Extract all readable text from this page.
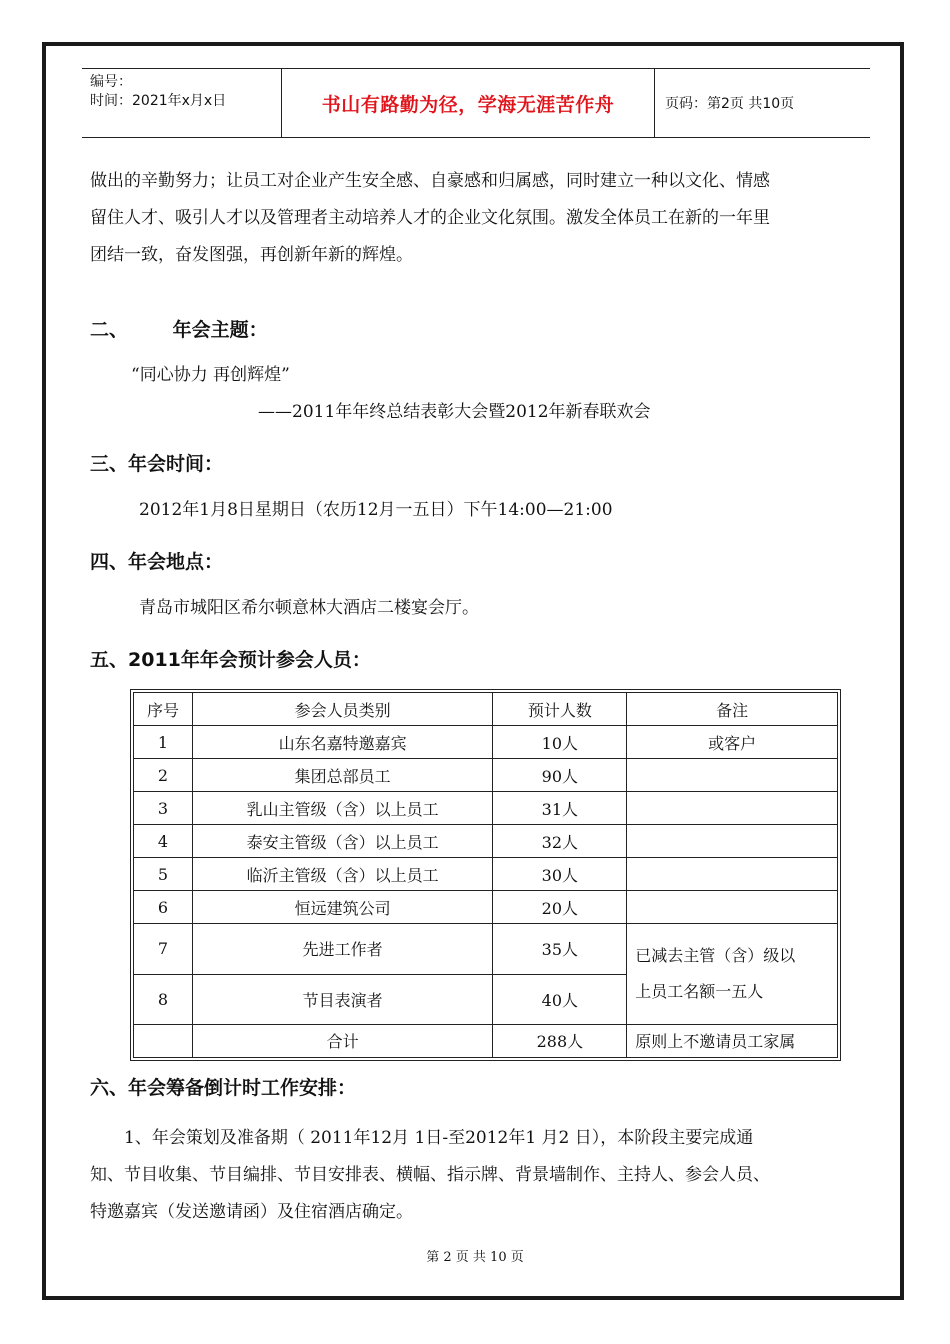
编号：
时间：2021年x月x日	书山有路勤为径，学海无涯苦作舟	页码：第2页 共10页
做出的辛勤努力；让员工对企业产生安全感、自豪感和归属感，同时建立一种以文化、情感
留住人才、吸引人才以及管理者主动培养人才的企业文化氛围。激发全体员工在新的一年里
团结一致，奋发图强，再创新年新的辉煌。
二、 年会主题：
“同心协力 再创辉煌”
——2011年年终总结表彰大会暨2012年新春联欢会
三、年会时间：
2012年1月8日星期日（农历12月一五日）下午14:00—21:00
四、年会地点：
青岛市城阳区希尔顿意林大酒店二楼宴会厅。
五、2011年年会预计参会人员：
序号	参会人员类别	预计人数	备注
1	山东名嘉特邀嘉宾	10人	或客户
2	集团总部员工	90人	
3	乳山主管级（含）以上员工	31人	
4	泰安主管级（含）以上员工	32人	
5	临沂主管级（含）以上员工	30人	
6	恒远建筑公司	20人	
7	先进工作者	35人	已减去主管（含）级以
上员工名额一五人

8	节目表演者	40人	
	合计	288人	原则上不邀请员工家属
六、年会筹备倒计时工作安排：
1、年会策划及准备期（ 2011年12月 1日-至2012年1 月2 日），本阶段主要完成通
知、节目收集、节目编排、节目安排表、横幅、指示牌、背景墙制作、主持人、参会人员、
特邀嘉宾（发送邀请函）及住宿酒店确定。
第 2 页 共 10 页
